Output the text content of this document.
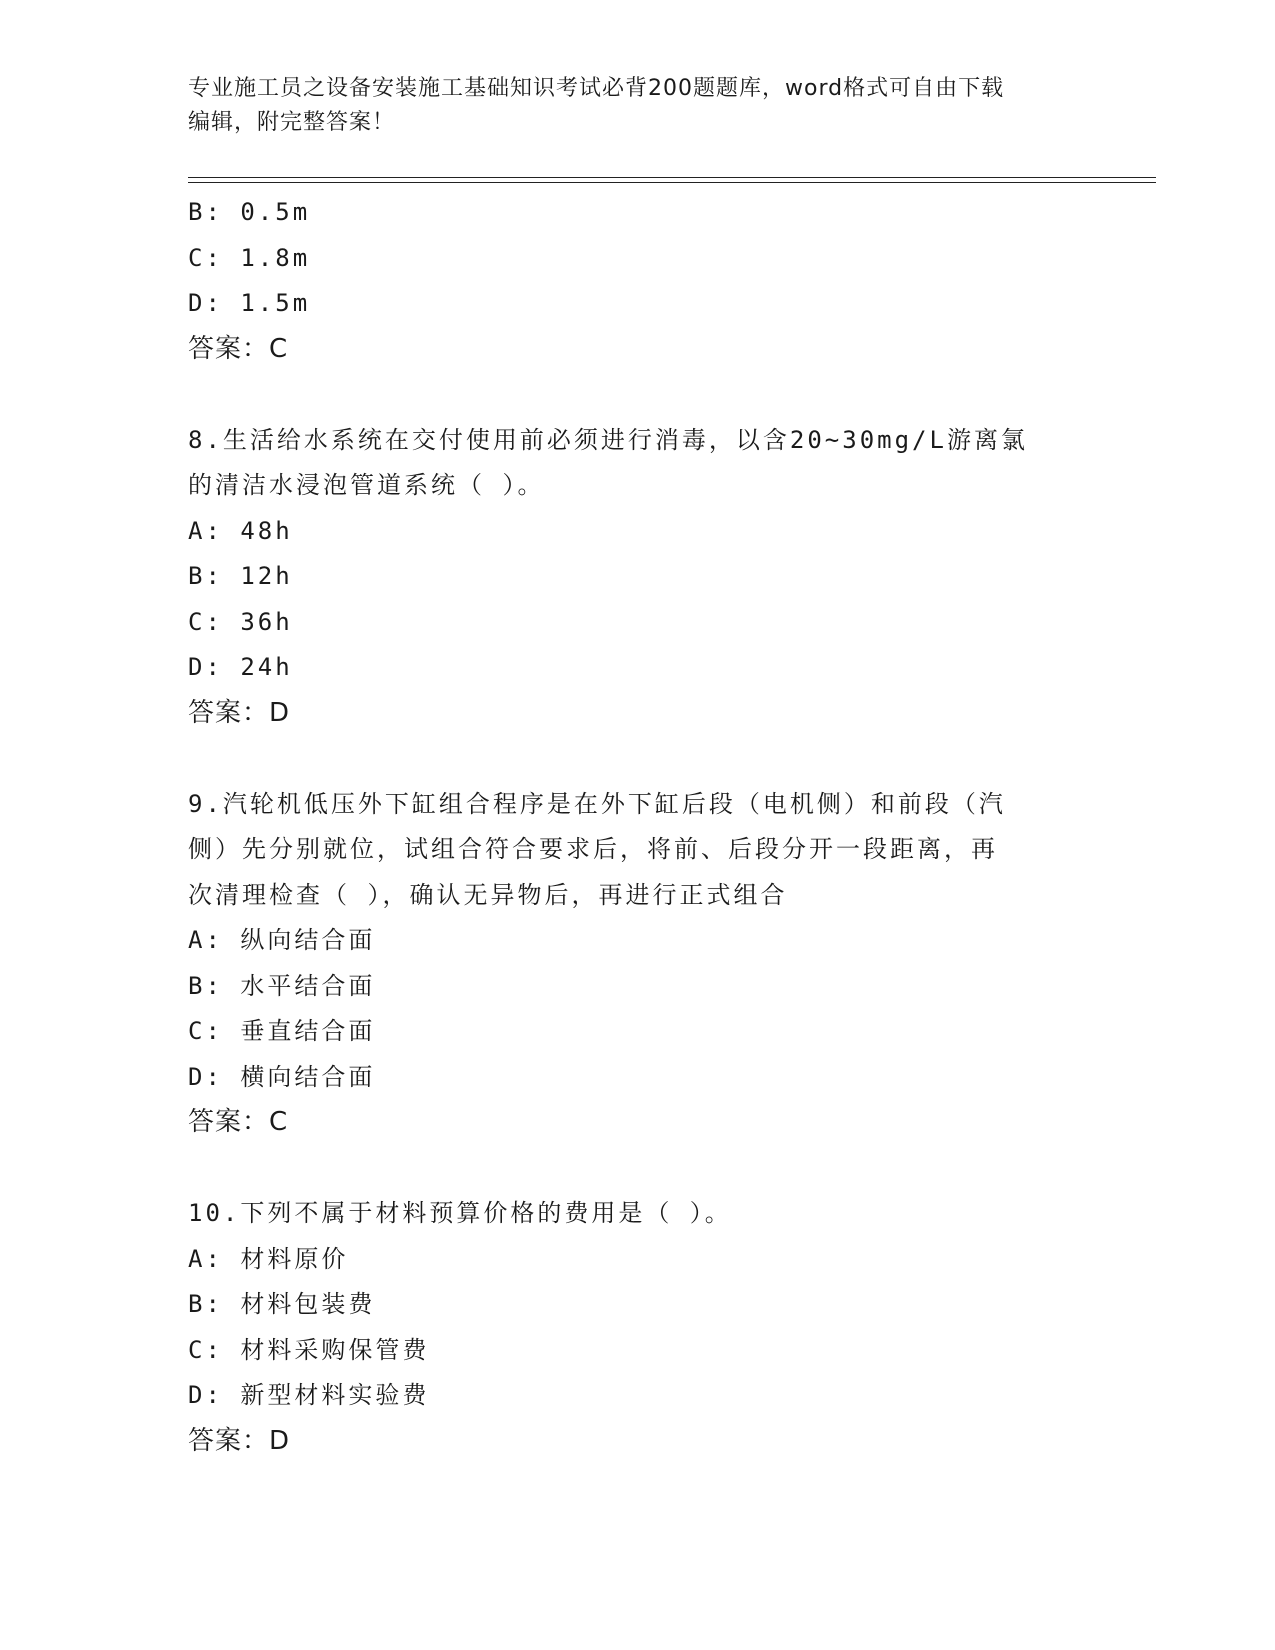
专业施工员之设备安装施工基础知识考试必背200题题库，word格式可自由下载
编辑，附完整答案！
B: 0.5m
C: 1.8m
D: 1.5m
答案：C
8.生活给水系统在交付使用前必须进行消毒，以含20~30mg/L游离氯
的清洁水浸泡管道系统（ ）。
A: 48h
B: 12h
C: 36h
D: 24h
答案：D
9.汽轮机低压外下缸组合程序是在外下缸后段（电机侧）和前段（汽
侧）先分别就位，试组合符合要求后，将前、后段分开一段距离，再
次清理检查（ ），确认无异物后，再进行正式组合
A: 纵向结合面
B: 水平结合面
C: 垂直结合面
D: 横向结合面
答案：C
10.下列不属于材料预算价格的费用是（ ）。
A: 材料原价
B: 材料包装费
C: 材料采购保管费
D: 新型材料实验费
答案：D
